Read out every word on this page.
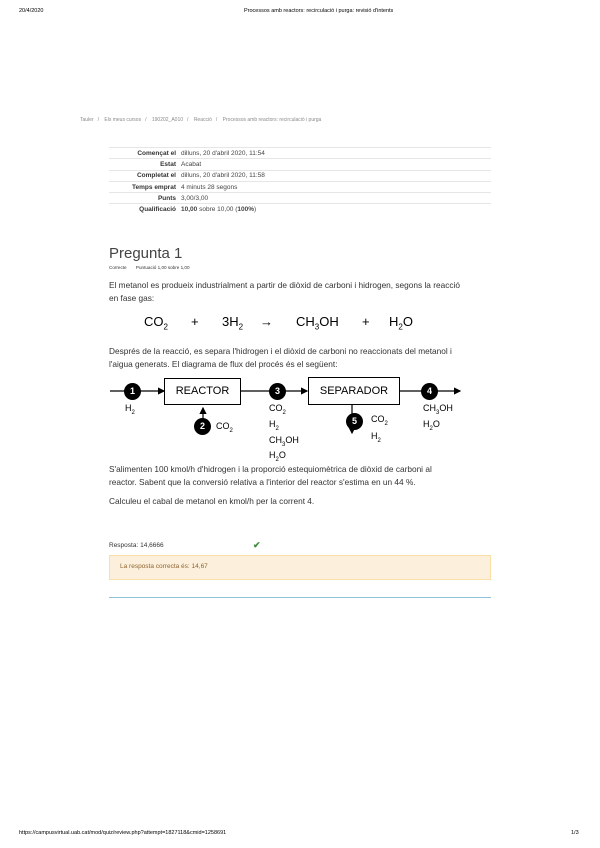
20/4/2020	Processos amb reactors: recirculació i purga: revisió d'intents
Tauler / Els meus cursos / 190202_A010 / Reacció / Processos amb reactors: recirculació i purga
Començat el	dilluns, 20 d'abril 2020, 11:54
Estat	Acabat
Completat el	dilluns, 20 d'abril 2020, 11:58
Temps emprat	4 minuts 28 segons
Punts	3,00/3,00
Qualificació	10,00 sobre 10,00 (100%)
Pregunta 1
Correcte Puntuació 1,00 sobre 1,00
El metanol es produeix industrialment a partir de diòxid de carboni i hidrogen, segons la reacció
en fase gas:
$CO_2 + 3H_2 \to CH_3OH + H_2O$
Després de la reacció, es separa l'hidrogen i el diòxid de carboni no reaccionats del metanol i
l'aigua generats. El diagrama de flux del procés és el següent:
REACTOR	SEPARADOR
1
2
3	4
5
$H_2$
$CO_2$
$CO_2$
$H_2$
$CH_3OH$
$H_2O$
$CH_3OH$
$H_2O$
$CO_2$
$H_2$
S'alimenten 100 kmol/h d'hidrogen i la proporció estequiomètrica de diòxid de carboni al
reactor. Sabent que la conversió relativa a l'interior del reactor s'estima en un 44 %.
Calculeu el cabal de metanol en kmol/h per la corrent 4.
Resposta: 14,6666	✔
La resposta correcta és: 14,67
https://campusvirtual.uab.cat/mod/quiz/review.php?attempt=1827118&cmid=1258691	1/3
